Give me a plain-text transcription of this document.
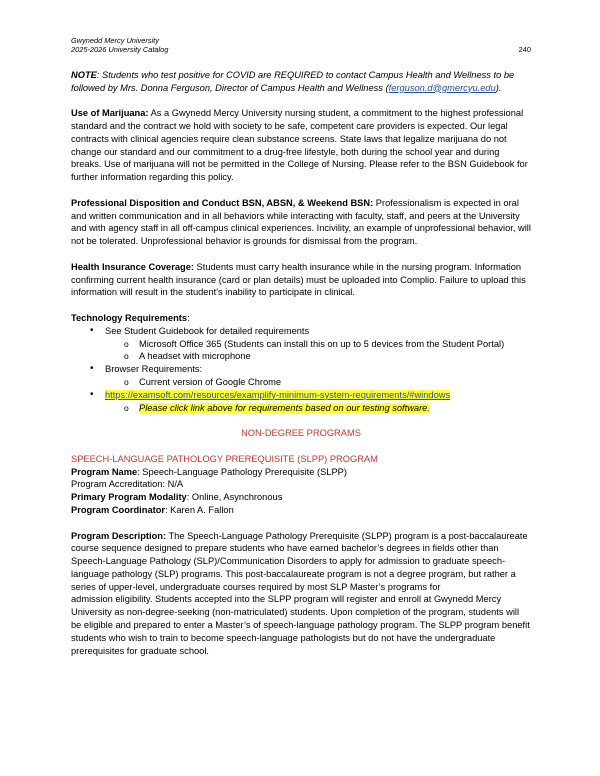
Gwynedd Mercy University
2025-2026 University Catalog	240

NOTE: Students who test positive for COVID are REQUIRED to contact Campus Health and Wellness to be followed by Mrs. Donna Ferguson, Director of Campus Health and Wellness (ferguson.d@gmercyu.edu).

Use of Marijuana: As a Gwynedd Mercy University nursing student, a commitment to the highest professional standard and the contract we hold with society to be safe, competent care providers is expected. Our legal contracts with clinical agencies require clean substance screens. State laws that legalize marijuana do not change our standard and our commitment to a drug-free lifestyle, both during the school year and during breaks. Use of marijuana will not be permitted in the College of Nursing. Please refer to the BSN Guidebook for further information regarding this policy.

Professional Disposition and Conduct BSN, ABSN, & Weekend BSN: Professionalism is expected in oral and written communication and in all behaviors while interacting with faculty, staff, and peers at the University and with agency staff in all off-campus clinical experiences. Incivility, an example of unprofessional behavior, will not be tolerated. Unprofessional behavior is grounds for dismissal from the program.

Health Insurance Coverage: Students must carry health insurance while in the nursing program. Information confirming current health insurance (card or plan details) must be uploaded into Complio. Failure to upload this information will result in the student's inability to participate in clinical.

Technology Requirements:

• See Student Guidebook for detailed requirements
o Microsoft Office 365 (Students can install this on up to 5 devices from the Student Portal)
o A headset with microphone
• Browser Requirements:
o Current version of Google Chrome
• https://examsoft.com/resources/examplify-minimum-system-requirements/#windows
o Please click link above for requirements based on our testing software.

NON-DEGREE PROGRAMS

SPEECH-LANGUAGE PATHOLOGY PREREQUISITE (SLPP) PROGRAM

Program Name: Speech-Language Pathology Prerequisite (SLPP)

Program Accreditation: N/A

Primary Program Modality: Online, Asynchronous

Program Coordinator: Karen A. Fallon

Program Description: The Speech-Language Pathology Prerequisite (SLPP) program is a post-baccalaureate course sequence designed to prepare students who have earned bachelor’s degrees in fields other than Speech-Language Pathology (SLP)/Communication Disorders to apply for admission to graduate speech- language pathology (SLP) programs. This post-baccalaureate program is not a degree program, but rather a series of upper-level, undergraduate courses required by most SLP Master’s programs for

admission eligibility. Students accepted into the SLPP program will register and enroll at Gwynedd Mercy University as non-degree-seeking (non-matriculated) students. Upon completion of the program, students will be eligible and prepared to enter a Master’s of speech-language pathology program. The SLPP program benefit students who wish to train to become speech-language pathologists but do not have the undergraduate prerequisites for graduate school.
